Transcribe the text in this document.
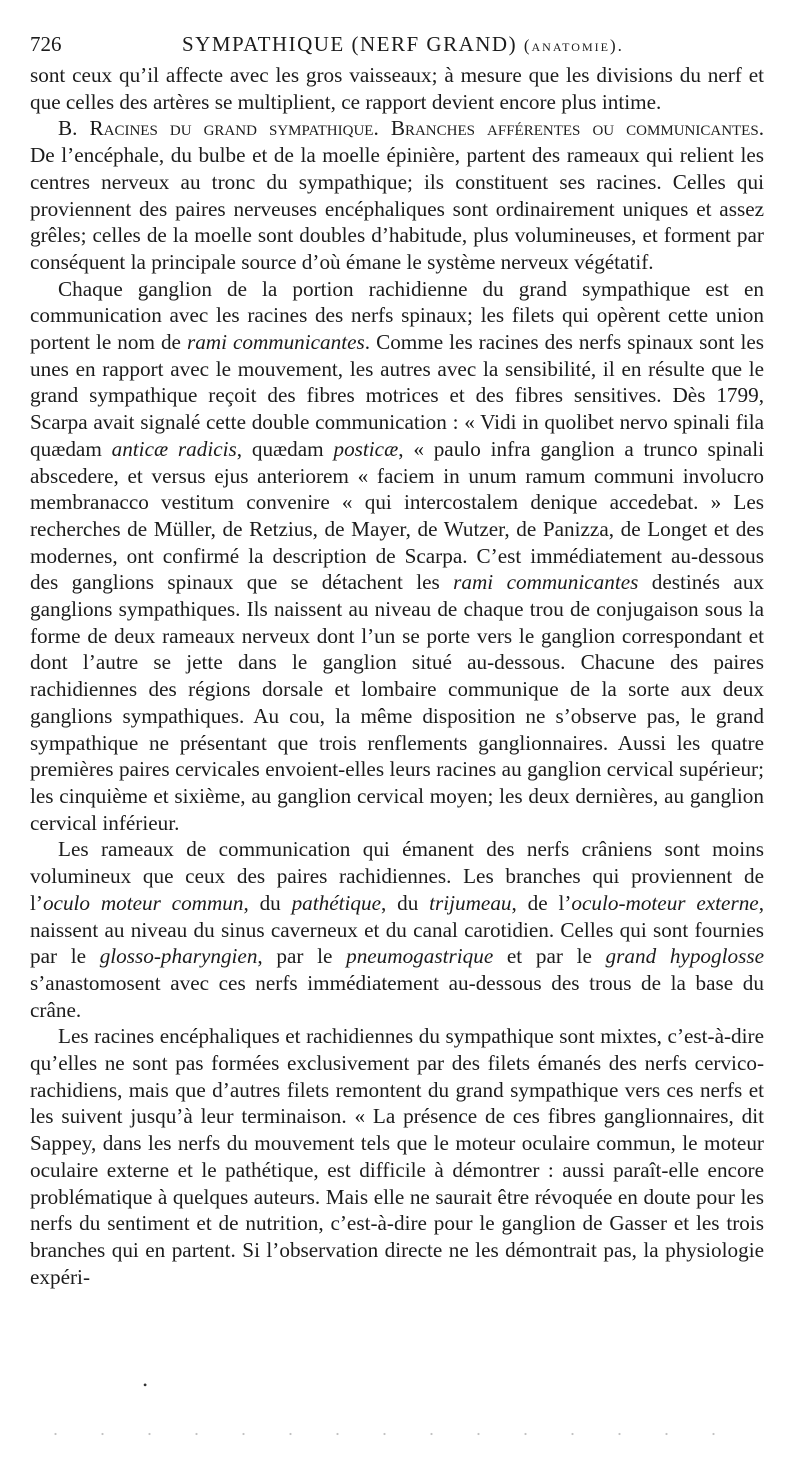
726	SYMPATHIQUE (NERF GRAND) (anatomie).

sont ceux qu’il affecte avec les gros vaisseaux; à mesure que les divisions du nerf et que celles des artères se multiplient, ce rapport devient encore plus intime.

B. Racines du grand sympathique. Branches afférentes ou communicantes.

De l’encéphale, du bulbe et de la moelle épinière, partent des rameaux qui relient les centres nerveux au tronc du sympathique; ils constituent ses racines. Celles qui proviennent des paires nerveuses encéphaliques sont ordinairement uniques et assez grêles; celles de la moelle sont doubles d’habitude, plus volumineuses, et forment par conséquent la principale source d’où émane le système nerveux végétatif.

Chaque ganglion de la portion rachidienne du grand sympathique est en communication avec les racines des nerfs spinaux; les filets qui opèrent cette union portent le nom de rami communicantes. Comme les racines des nerfs spinaux sont les unes en rapport avec le mouvement, les autres avec la sensibilité, il en résulte que le grand sympathique reçoit des fibres motrices et des fibres sensitives. Dès 1799, Scarpa avait signalé cette double communication : « Vidi in quolibet nervo spinali fila quædam anticæ radicis, quædam posticæ, « paulo infra ganglion a trunco spinali abscedere, et versus ejus anteriorem « faciem in unum ramum communi involucro membranacco vestitum convenire « qui intercostalem denique accedebat. » Les recherches de Müller, de Retzius, de Mayer, de Wutzer, de Panizza, de Longet et des modernes, ont confirmé la description de Scarpa. C’est immédiatement au-dessous des ganglions spinaux que se détachent les rami communicantes destinés aux ganglions sympathiques. Ils naissent au niveau de chaque trou de conjugaison sous la forme de deux rameaux nerveux dont l’un se porte vers le ganglion correspondant et dont l’autre se jette dans le ganglion situé au-dessous. Chacune des paires rachidiennes des régions dorsale et lombaire communique de la sorte aux deux ganglions sympathiques. Au cou, la même disposition ne s’observe pas, le grand sympathique ne présentant que trois renflements ganglionnaires. Aussi les quatre premières paires cervicales envoient-elles leurs racines au ganglion cervical supérieur; les cinquième et sixième, au ganglion cervical moyen; les deux dernières, au ganglion cervical inférieur.

Les rameaux de communication qui émanent des nerfs crâniens sont moins volumineux que ceux des paires rachidiennes. Les branches qui proviennent de l’oculo moteur commun, du pathétique, du trijumeau, de l’oculo-moteur externe, naissent au niveau du sinus caverneux et du canal carotidien. Celles qui sont fournies par le glosso-pharyngien, par le pneumogastrique et par le grand hypoglosse s’anastomosent avec ces nerfs immédiatement au-dessous des trous de la base du crâne.

Les racines encéphaliques et rachidiennes du sympathique sont mixtes, c’est-à-dire qu’elles ne sont pas formées exclusivement par des filets émanés des nerfs cervico-rachidiens, mais que d’autres filets remontent du grand sympathique vers ces nerfs et les suivent jusqu’à leur terminaison. « La présence de ces fibres ganglionnaires, dit Sappey, dans les nerfs du mouvement tels que le moteur oculaire commun, le moteur oculaire externe et le pathétique, est difficile à démontrer : aussi paraît-elle encore problématique à quelques auteurs. Mais elle ne saurait être révoquée en doute pour les nerfs du sentiment et de nutrition, c’est-à-dire pour le ganglion de Gasser et les trois branches qui en partent. Si l’observation directe ne les démontrait pas, la physiologie expéri-

•
